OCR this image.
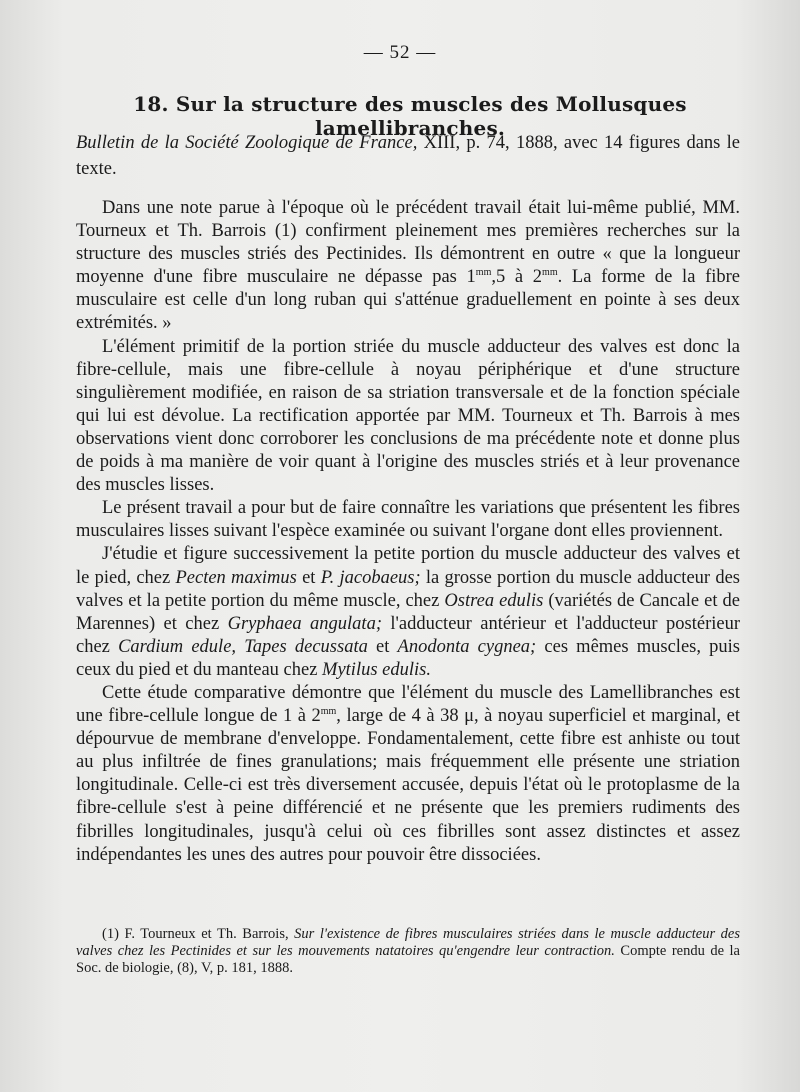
— 52 —
18. Sur la structure des muscles des Mollusques lamellibranches.
Bulletin de la Société Zoologique de France, XIII, p. 74, 1888, avec 14 figures dans le texte.

Dans une note parue à l'époque où le précédent travail était lui-même publié, MM. Tourneux et Th. Barrois (1) confirment pleinement mes premières recherches sur la structure des muscles striés des Pectinides. Ils démontrent en outre « que la longueur moyenne d'une fibre musculaire ne dépasse pas $1^{mm},5$ à $2^{mm}$. La forme de la fibre musculaire est celle d'un long ruban qui s'atténue graduellement en pointe à ses deux extrémités. »

L'élément primitif de la portion striée du muscle adducteur des valves est donc la fibre-cellule, mais une fibre-cellule à noyau périphérique et d'une structure singulièrement modifiée, en raison de sa striation transversale et de la fonction spéciale qui lui est dévolue. La rectification apportée par MM. Tourneux et Th. Barrois à mes observations vient donc corroborer les conclusions de ma précédente note et donne plus de poids à ma manière de voir quant à l'origine des muscles striés et à leur provenance des muscles lisses.

Le présent travail a pour but de faire connaître les variations que présentent les fibres musculaires lisses suivant l'espèce examinée ou suivant l'organe dont elles proviennent.

J'étudie et figure successivement la petite portion du muscle adducteur des valves et le pied, chez Pecten maximus et P. jacobaeus; la grosse portion du muscle adducteur des valves et la petite portion du même muscle, chez Ostrea edulis (variétés de Cancale et de Marennes) et chez Gryphaea angulata; l'adducteur antérieur et l'adducteur postérieur chez Cardium edule, Tapes decussata et Anodonta cygnea; ces mêmes muscles, puis ceux du pied et du manteau chez Mytilus edulis.

Cette étude comparative démontre que l'élément du muscle des Lamellibranches est une fibre-cellule longue de 1 à $2^{mm}$, large de 4 à 38 μ, à noyau superficiel et marginal, et dépourvue de membrane d'enveloppe. Fondamentalement, cette fibre est anhiste ou tout au plus infiltrée de fines granulations; mais fréquemment elle présente une striation longitudinale. Celle-ci est très diversement accusée, depuis l'état où le protoplasme de la fibre-cellule s'est à peine différencié et ne présente que les premiers rudiments des fibrilles longitudinales, jusqu'à celui où ces fibrilles sont assez distinctes et assez indépendantes les unes des autres pour pouvoir être dissociées.

(1) F. Tourneux et Th. Barrois, Sur l'existence de fibres musculaires striées dans le muscle adducteur des valves chez les Pectinides et sur les mouvements natatoires qu'engendre leur contraction. Compte rendu de la Soc. de biologie, (8), V, p. 181, 1888.
